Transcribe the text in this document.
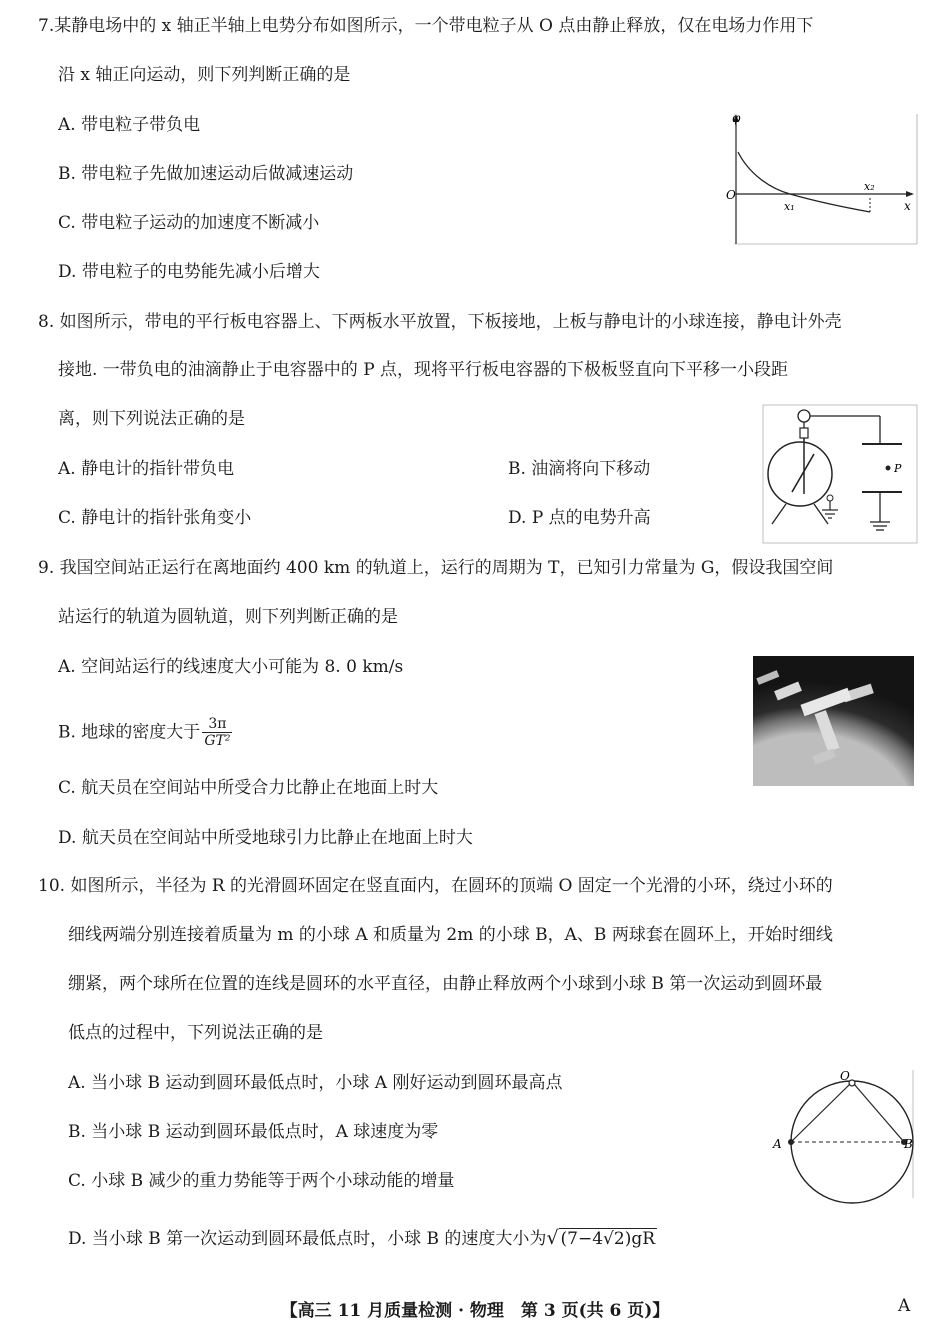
7.某静电场中的 x 轴正半轴上电势分布如图所示，一个带电粒子从 O 点由静止释放，仅在电场力作用下
沿 x 轴正向运动，则下列判断正确的是
A. 带电粒子带负电
B. 带电粒子先做加速运动后做减速运动
C. 带电粒子运动的加速度不断减小
D. 带电粒子的电势能先减小后增大
φ
O
x
x₁
x₂
8. 如图所示，带电的平行板电容器上、下两板水平放置，下板接地，上板与静电计的小球连接，静电计外壳
接地. 一带负电的油滴静止于电容器中的 P 点，现将平行板电容器的下极板竖直向下平移一小段距
离，则下列说法正确的是
A. 静电计的指针带负电	B. 油滴将向下移动
C. 静电计的指针张角变小	D. P 点的电势升高
P
9. 我国空间站正运行在离地面约 400 km 的轨道上，运行的周期为 T，已知引力常量为 G，假设我国空间
站运行的轨道为圆轨道，则下列判断正确的是
A. 空间站运行的线速度大小可能为 8. 0 km/s
B. 地球的密度大于 $\frac{3\pi}{\text{GT²}}$
C. 航天员在空间站中所受合力比静止在地面上时大
D. 航天员在空间站中所受地球引力比静止在地面上时大
10. 如图所示，半径为 R 的光滑圆环固定在竖直面内，在圆环的顶端 O 固定一个光滑的小环，绕过小环的
细线两端分别连接着质量为 m 的小球 A 和质量为 2m 的小球 B，A、B 两球套在圆环上，开始时细线
绷紧，两个球所在位置的连线是圆环的水平直径，由静止释放两个小球到小球 B 第一次运动到圆环最
低点的过程中，下列说法正确的是
A. 当小球 B 运动到圆环最低点时，小球 A 刚好运动到圆环最高点
B. 当小球 B 运动到圆环最低点时，A 球速度为零
C. 小球 B 减少的重力势能等于两个小球动能的增量
D. 当小球 B 第一次运动到圆环最低点时，小球 B 的速度大小为√ (7−4√2)gR
O
A	B
【高三 11 月质量检测 · 物理　第 3 页(共 6 页)】	A
